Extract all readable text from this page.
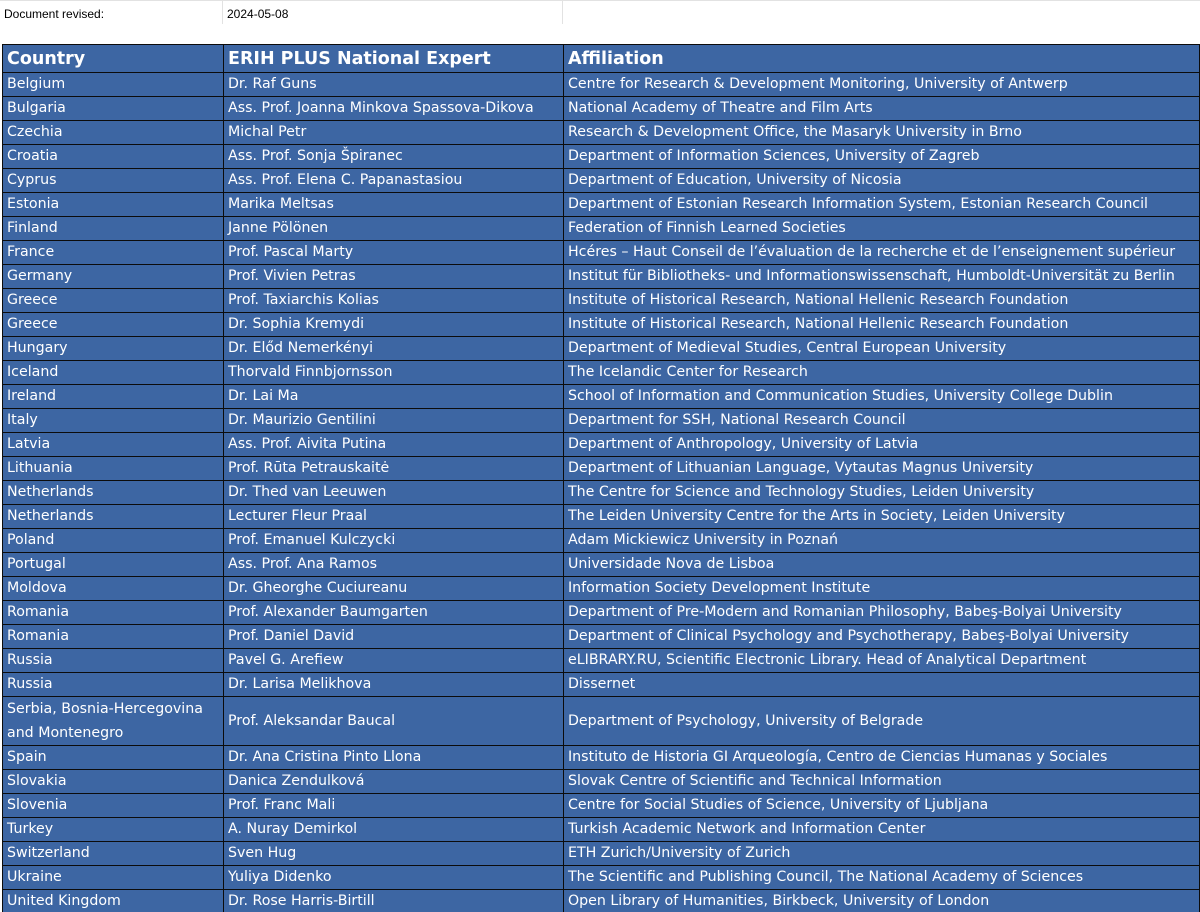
Document revised:	2024-05-08
Country	ERIH PLUS National Expert	Affiliation
Belgium	Dr. Raf Guns	Centre for Research & Development Monitoring, University of Antwerp
Bulgaria	Ass. Prof. Joanna Minkova Spassova-Dikova	National Academy of Theatre and Film Arts
Czechia	Michal Petr	Research & Development Office, the Masaryk University in Brno
Croatia	Ass. Prof. Sonja Špiranec	Department of Information Sciences, University of Zagreb
Cyprus	Ass. Prof. Elena C. Papanastasiou	Department of Education, University of Nicosia
Estonia	Marika Meltsas	Department of Estonian Research Information System, Estonian Research Council
Finland	Janne Pölönen	Federation of Finnish Learned Societies
France	Prof. Pascal Marty	Hcéres – Haut Conseil de l’évaluation de la recherche et de l’enseignement supérieur
Germany	Prof. Vivien Petras	Institut für Bibliotheks- und Informationswissenschaft, Humboldt-Universität zu Berlin
Greece	Prof. Taxiarchis Kolias	Institute of Historical Research, National Hellenic Research Foundation
Greece	Dr. Sophia Kremydi	Institute of Historical Research, National Hellenic Research Foundation
Hungary	Dr. Előd Nemerkényi	Department of Medieval Studies, Central European University
Iceland	Thorvald Finnbjornsson	The Icelandic Center for Research
Ireland	Dr. Lai Ma	School of Information and Communication Studies, University College Dublin
Italy	Dr. Maurizio Gentilini	Department for SSH, National Research Council
Latvia	Ass. Prof. Aivita Putina	Department of Anthropology, University of Latvia
Lithuania	Prof. Rūta Petrauskaitė	Department of Lithuanian Language, Vytautas Magnus University
Netherlands	Dr. Thed van Leeuwen	The Centre for Science and Technology Studies, Leiden University
Netherlands	Lecturer Fleur Praal	The Leiden University Centre for the Arts in Society, Leiden University
Poland	Prof. Emanuel Kulczycki	Adam Mickiewicz University in Poznań
Portugal	Ass. Prof. Ana Ramos	Universidade Nova de Lisboa
Moldova	Dr. Gheorghe Cuciureanu	Information Society Development Institute
Romania	Prof. Alexander Baumgarten	Department of Pre-Modern and Romanian Philosophy, Babeş-Bolyai University
Romania	Prof. Daniel David	Department of Clinical Psychology and Psychotherapy, Babeş-Bolyai University
Russia	Pavel G. Arefiew	eLIBRARY.RU, Scientific Electronic Library. Head of Analytical Department
Russia	Dr. Larisa Melikhova	Dissernet
Serbia, Bosnia-Hercegovina and Montenegro	Prof. Aleksandar Baucal	Department of Psychology, University of Belgrade
Spain	Dr. Ana Cristina Pinto Llona	Instituto de Historia GI Arqueología, Centro de Ciencias Humanas y Sociales
Slovakia	Danica Zendulková	Slovak Centre of Scientific and Technical Information
Slovenia	Prof. Franc Mali	Centre for Social Studies of Science, University of Ljubljana
Turkey	A. Nuray Demirkol	Turkish Academic Network and Information Center
Switzerland	Sven Hug	ETH Zurich/University of Zurich
Ukraine	Yuliya Didenko	The Scientific and Publishing Council, The National Academy of Sciences
United Kingdom	Dr. Rose Harris-Birtill	Open Library of Humanities, Birkbeck, University of London
